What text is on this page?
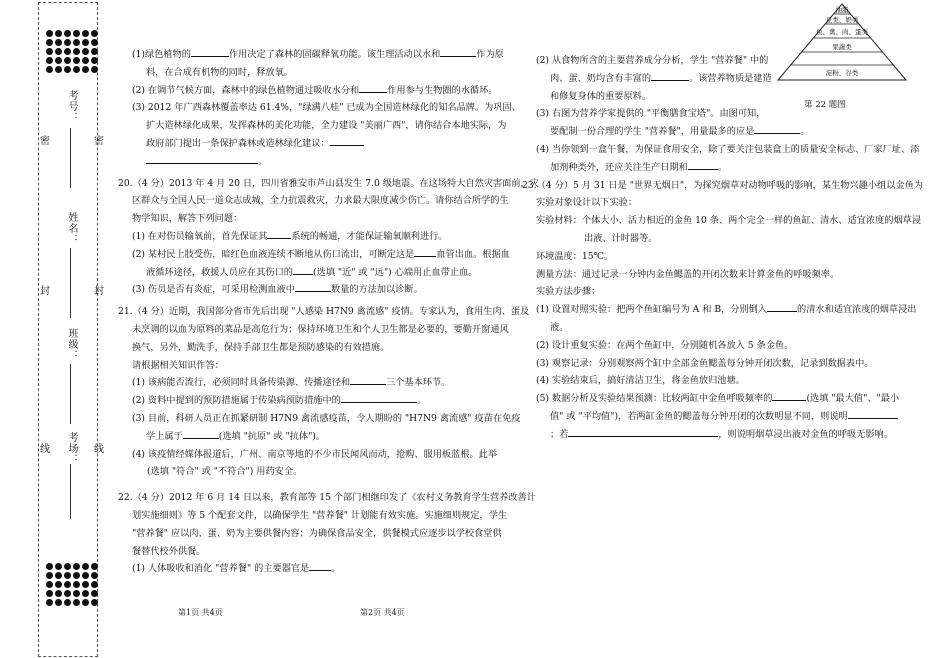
考号：
姓名：
班级：
考场：
密	密
封	封
线	线
(1)绿色植物的	作用决定了森林的固碳释氧功能。该生理活动以水和	作为原
料，在合成有机物的同时，释放氧。
(2) 在调节气候方面，森林中的绿色植物通过吸收水分和	作用参与生物圈的水循环。
(3) 2012 年广西森林覆盖率达 61.4%，"绿满八桂" 已成为全国造林绿化的知名品牌。为巩固、
扩大造林绿化成果，发挥森林的美化功能，全力建设 "美丽广西"，请你结合本地实际，为
政府部门提出一条保护森林或造林绿化建议：
。
20.（4 分）2013 年 4 月 20 日，四川省雅安市芦山县发生 7.0 级地震。在这场特大自然灾害面前，灾
区群众与全国人民一道众志成城，全力抗震救灾，力求最大限度减少伤亡。请你结合所学的生
物学知识，解答下列问题：
(1) 在对伤员输氧前，首先保证其	系统的畅通，才能保证输氧顺利进行。
(2) 某村民上肢受伤，暗红色血液连续不断地从伤口流出，可断定这是 血管出血。根据血
液循环途径，救援人员应在其伤口的 (选填 "近" 或 "远") 心端用止血带止血。
(3) 伤员是否有炎症，可采用检测血液中	数量的方法加以诊断。
21.（4 分）近期，我国部分省市先后出现 "人感染 H7N9 禽流感" 疫情。专家认为，食用生肉、蛋及
未烹调的以血为原料的菜品是高危行为；保持环境卫生和个人卫生都是必要的，要勤开窗通风
换气，另外，勤洗手，保持手部卫生都是预防感染的有效措施。
请根据相关知识作答：
(1) 该病能否流行，必须同时具备传染源、传播途径和	三个基本环节。
(2) 资料中提到的预防措施属于传染病预防措施中的	。
(3) 目前，科研人员正在抓紧研制 H7N9 禽流感疫苗，令人期盼的 "H7N9 禽流感" 疫苗在免疫
学上属于	(选填 "抗原" 或 "抗体")。
(4) 该疫情经媒体报道后，广州、南京等地的不少市民闻风而动，抢购、服用板蓝根。此举
(选填 "符合" 或 "不符合") 用药安全。
22.（4 分）2012 年 6 月 14 日以来，教育部等 15 个部门相继印发了《农村义务教育学生营养改善计
划实施细则》等 5 个配套文件，以确保学生 "营养餐" 计划能有效实施。实施细则规定，学生
"营养餐" 应以肉、蛋、奶为主要供餐内容；为确保食品安全，供餐模式应逐步以学校食堂供
餐替代校外供餐。
(1) 人体吸收和消化 "营养餐" 的主要器官是 。
(2) 从食物所含的主要营养成分分析，学生 "营养餐" 中的
肉、蛋、奶均含有丰富的	。该营养物质是建造
和修复身体的重要原料。
(3) 右图为营养学家提供的 "平衡膳食宝塔"。由图可知，
要配制一份合理的学生 "营养餐"，用量最多的应是	。
(4) 当你领到一盒午餐，为保证食用安全，除了要关注包装盒上的质量安全标志、厂家厂址、添
加剂种类外，还应关注生产日期和	。
23.（4 分）5 月 31 日是 "世界无烟日"，为探究烟草对动物呼吸的影响，某生物兴趣小组以金鱼为
实验对象设计以下实验：
实验材料：个体大小、活力相近的金鱼 10 条、两个完全一样的鱼缸、清水、适宜浓度的烟草浸
出液、计时器等。
环境温度：15℃。
测量方法：通过记录一分钟内金鱼鳃盖的开闭次数来计算金鱼的呼吸频率。
实验方法步骤：
(1) 设置对照实验：把两个鱼缸编号为 A 和 B，分别倒入	的清水和适宜浓度的烟草浸出
液。
(2) 设计重复实验：在两个鱼缸中，分别随机各放入 5 条金鱼。
(3) 观察记录：分别观察两个缸中全部金鱼鳃盖每分钟开闭次数，记录到数据表中。
(4) 实验结束后，搞好清洁卫生，将金鱼放归池塘。
(5) 数据分析及实验结果预测：比较两缸中金鱼呼吸频率的	(选填 "最大值"、"最小
值" 或 "平均值")，若两缸金鱼的鳃盖每分钟开闭的次数明显不同，则说明
；若	，则说明烟草浸出液对金鱼的呼吸无影响。
油脂
豆类、奶类
鱼、禽、肉、蛋类
果蔬类
淀粉、谷类
第 22 题图
第1页 共4页	第2页 共4页
